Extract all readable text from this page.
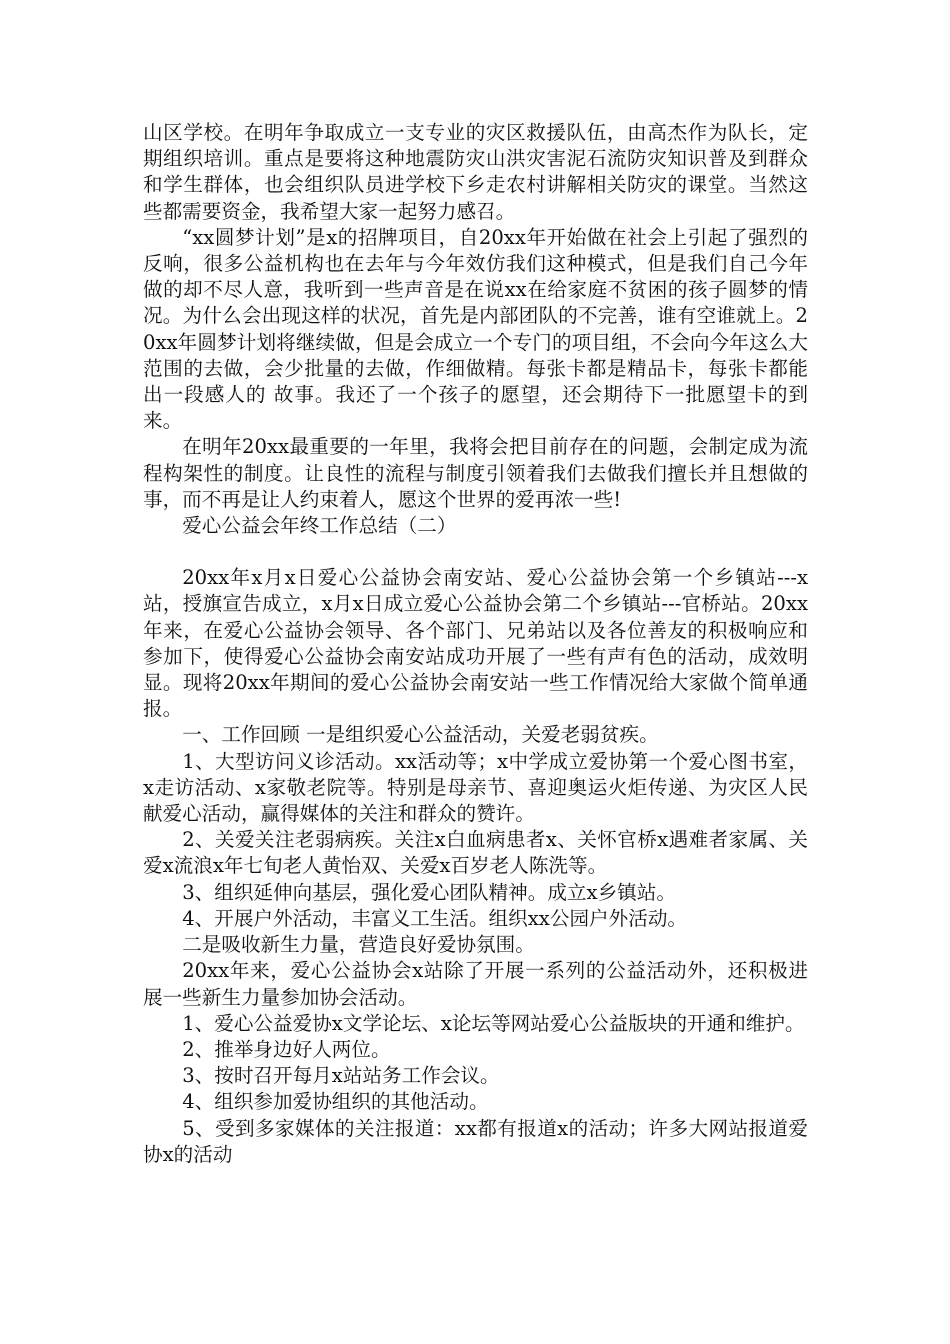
山区学校。在明年争取成立一支专业的灾区救援队伍，由高杰作为队长，定期组织培训。重点是要将这种地震防灾山洪灾害泥石流防灾知识普及到群众和学生群体，也会组织队员进学校下乡走农村讲解相关防灾的课堂。当然这些都需要资金，我希望大家一起努力感召。

“xx圆梦计划”是x的招牌项目，自20xx年开始做在社会上引起了强烈的反响，很多公益机构也在去年与今年效仿我们这种模式，但是我们自己今年做的却不尽人意，我听到一些声音是在说xx在给家庭不贫困的孩子圆梦的情况。为什么会出现这样的状况，首先是内部团队的不完善，谁有空谁就上。20xx年圆梦计划将继续做，但是会成立一个专门的项目组，不会向今年这么大范围的去做，会少批量的去做，作细做精。每张卡都是精品卡，每张卡都能出一段感人的 故事。我还了一个孩子的愿望，还会期待下一批愿望卡的到来。

在明年20xx最重要的一年里，我将会把目前存在的问题，会制定成为流程构架性的制度。让良性的流程与制度引领着我们去做我们擅长并且想做的事，而不再是让人约束着人，愿这个世界的爱再浓一些!

爱心公益会年终工作总结（二）

20xx年x月x日爱心公益协会南安站、爱心公益协会第一个乡镇站---x站，授旗宣告成立，x月x日成立爱心公益协会第二个乡镇站---官桥站。20xx年来，在爱心公益协会领导、各个部门、兄弟站以及各位善友的积极响应和参加下，使得爱心公益协会南安站成功开展了一些有声有色的活动，成效明显。现将20xx年期间的爱心公益协会南安站一些工作情况给大家做个简单通报。

一、工作回顾 一是组织爱心公益活动，关爱老弱贫疾。

1、大型访问义诊活动。xx活动等；x中学成立爱协第一个爱心图书室， x走访活动、x家敬老院等。特别是母亲节、喜迎奥运火炬传递、为灾区人民献爱心活动，赢得媒体的关注和群众的赞许。

2、关爱关注老弱病疾。关注x白血病患者x、关怀官桥x遇难者家属、关爱x流浪x年七旬老人黄怡双、关爱x百岁老人陈洗等。

3、组织延伸向基层，强化爱心团队精神。成立x乡镇站。

4、开展户外活动，丰富义工生活。组织xx公园户外活动。

二是吸收新生力量，营造良好爱协氛围。

20xx年来，爱心公益协会x站除了开展一系列的公益活动外，还积极进展一些新生力量参加协会活动。

1、爱心公益爱协x文学论坛、x论坛等网站爱心公益版块的开通和维护。

2、推举身边好人两位。

3、按时召开每月x站站务工作会议。

4、组织参加爱协组织的其他活动。

5、受到多家媒体的关注报道：xx都有报道x的活动；许多大网站报道爱协x的活动
